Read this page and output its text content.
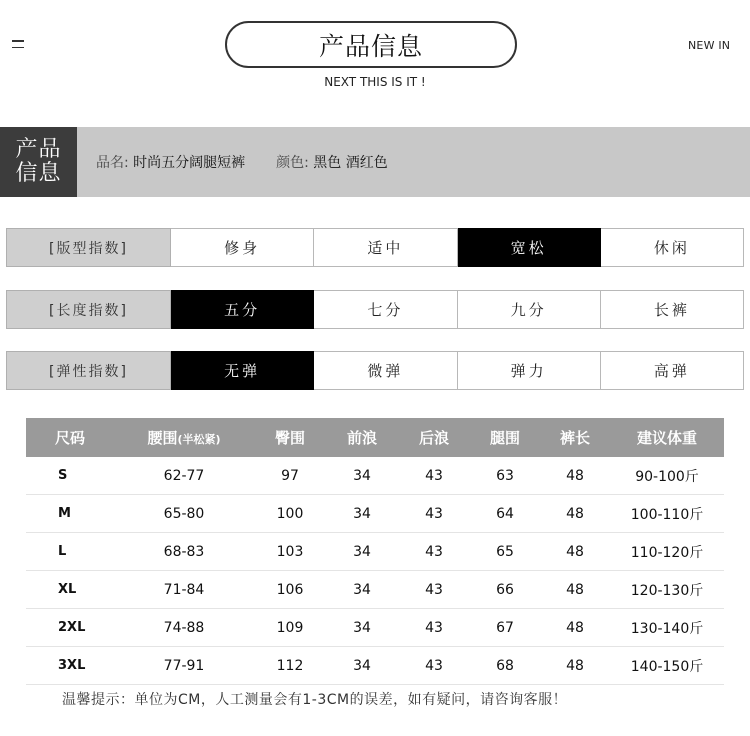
产品信息
NEXT THIS IS IT !
NEW IN
产品
信息 品名: 时尚五分阔腿短裤 颜色: 黑色 酒红色
[版型指数]	修身	适中	宽松	休闲
[长度指数]	五分	七分	九分	长裤
[弹性指数]	无弹	微弹	弹力	高弹
尺码	腰围(半松紧)	臀围	前浪	后浪	腿围	裤长	建议体重
S	62-77	97	34	43	63	48	90-100斤
M	65-80	100	34	43	64	48	100-110斤
L	68-83	103	34	43	65	48	110-120斤
XL	71-84	106	34	43	66	48	120-130斤
2XL	74-88	109	34	43	67	48	130-140斤
3XL	77-91	112	34	43	68	48	140-150斤
温馨提示：单位为CM，人工测量会有1-3CM的误差，如有疑问，请咨询客服！
